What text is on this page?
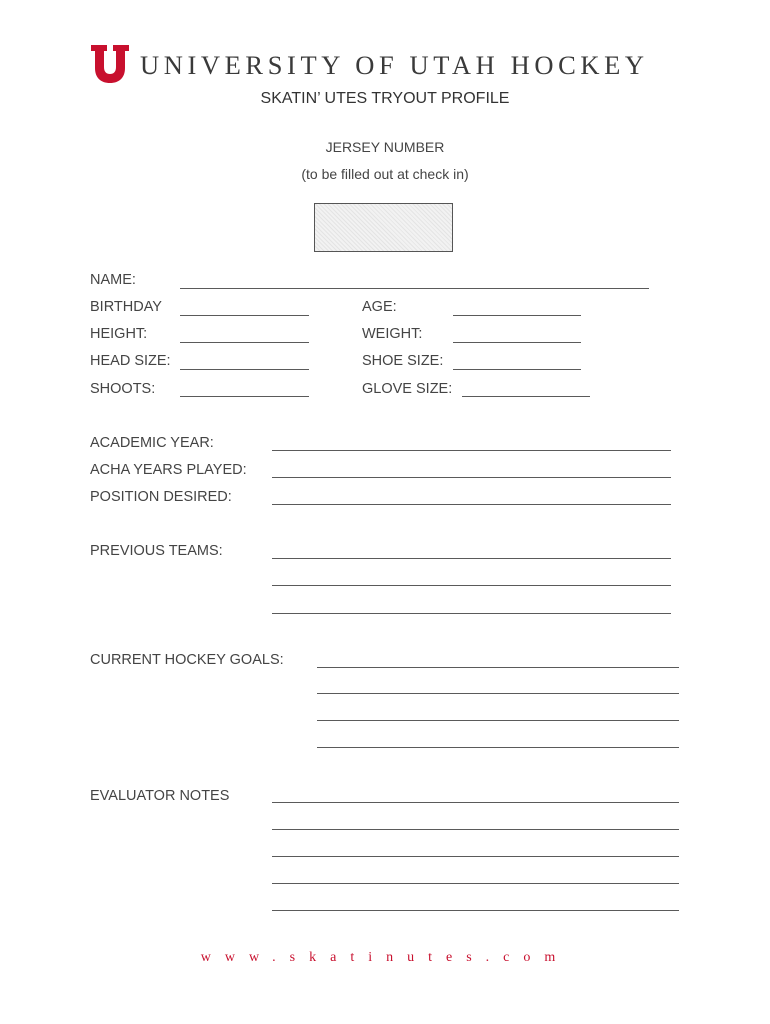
UNIVERSITY OF UTAH HOCKEY
SKATIN’ UTES TRYOUT PROFILE
JERSEY NUMBER
(to be filled out at check in)
NAME:
BIRTHDAY	AGE:
HEIGHT:	WEIGHT:
HEAD SIZE:	SHOE SIZE:
SHOOTS:	GLOVE SIZE:
ACADEMIC YEAR:
ACHA YEARS PLAYED:
POSITION DESIRED:
PREVIOUS TEAMS:
CURRENT HOCKEY GOALS:
EVALUATOR NOTES
www.skatinutes.com
